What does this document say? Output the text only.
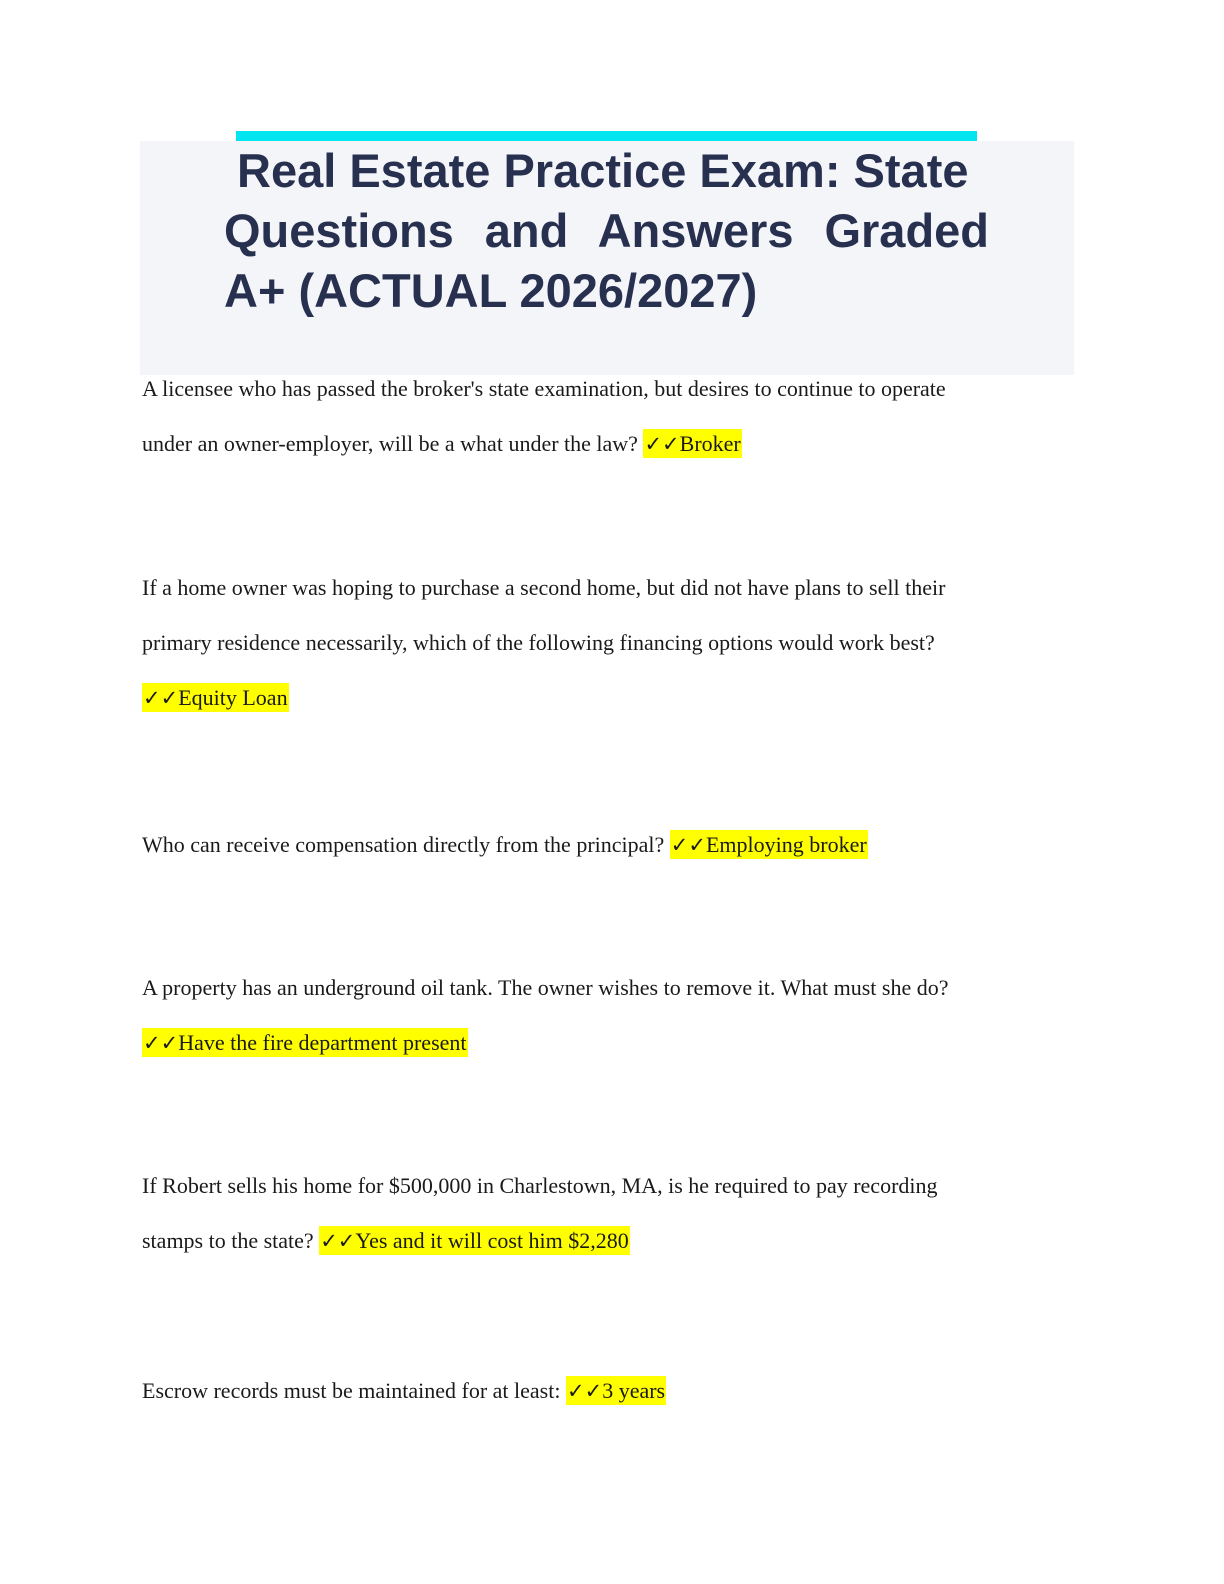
Real Estate Practice Exam: State
Questions and Answers Graded
A+ (ACTUAL 2026/2027)
A licensee who has passed the broker's state examination, but desires to continue to operate
under an owner-employer, will be a what under the law? ✓✓Broker
If a home owner was hoping to purchase a second home, but did not have plans to sell their
primary residence necessarily, which of the following financing options would work best?
✓✓Equity Loan
Who can receive compensation directly from the principal? ✓✓Employing broker
A property has an underground oil tank. The owner wishes to remove it. What must she do?
✓✓Have the fire department present
If Robert sells his home for $500,000 in Charlestown, MA, is he required to pay recording
stamps to the state? ✓✓Yes and it will cost him $2,280
Escrow records must be maintained for at least: ✓✓3 years
